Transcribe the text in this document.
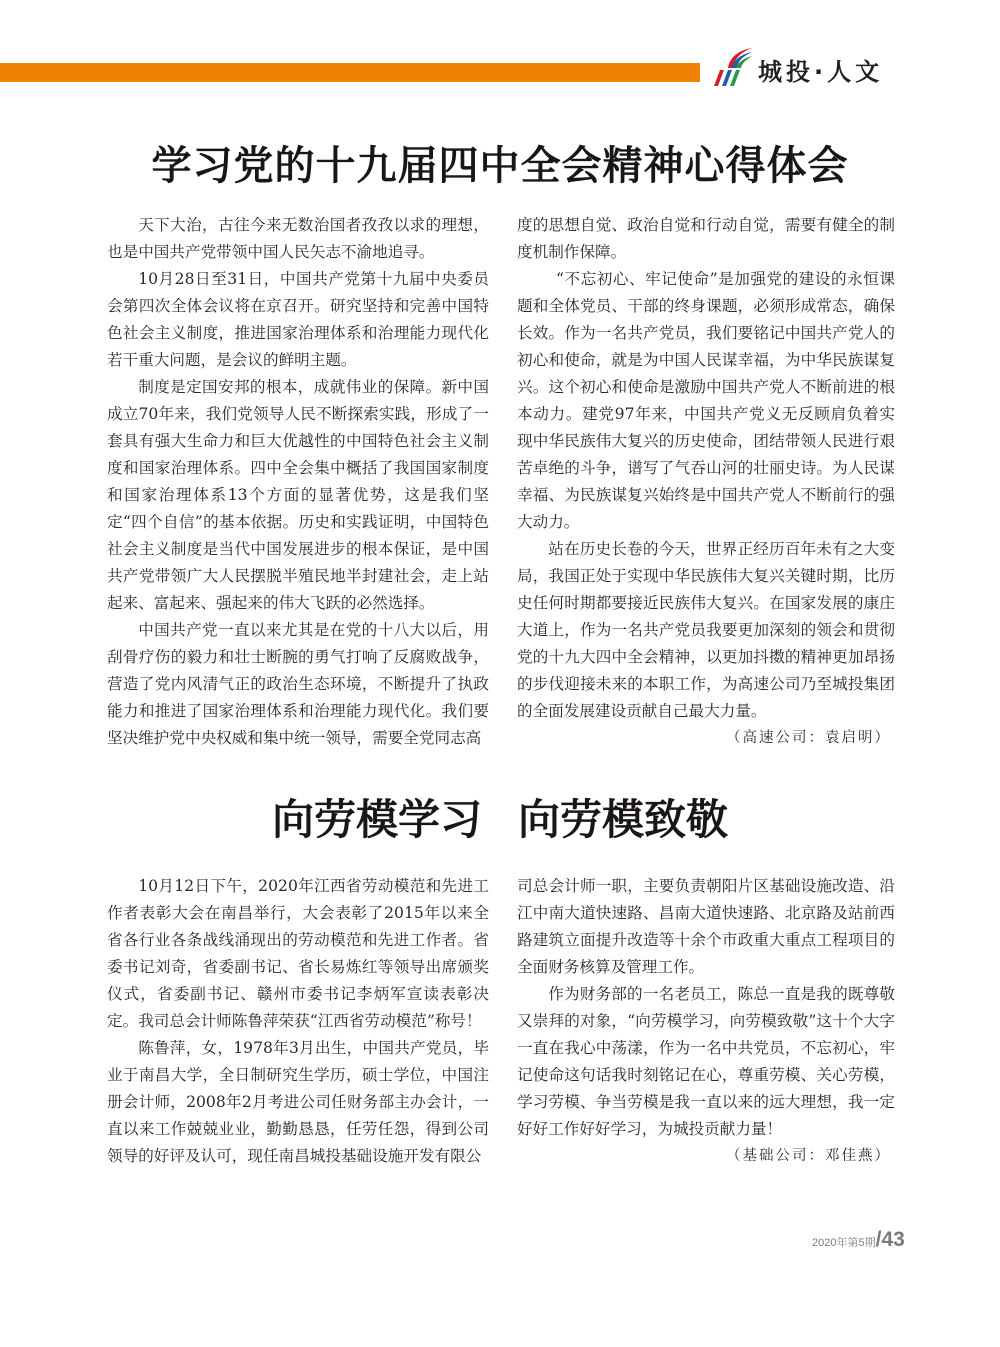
城投·人文
学习党的十九届四中全会精神心得体会

天下大治，古往今来无数治国者孜孜以求的理想，也是中国共产党带领中国人民矢志不渝地追寻。

10月28日至31日，中国共产党第十九届中央委员会第四次全体会议将在京召开。研究坚持和完善中国特色社会主义制度，推进国家治理体系和治理能力现代化若干重大问题，是会议的鲜明主题。

制度是定国安邦的根本，成就伟业的保障。新中国成立70年来，我们党领导人民不断探索实践，形成了一套具有强大生命力和巨大优越性的中国特色社会主义制度和国家治理体系。四中全会集中概括了我国国家制度和国家治理体系13个方面的显著优势，这是我们坚定“四个自信”的基本依据。历史和实践证明，中国特色社会主义制度是当代中国发展进步的根本保证，是中国共产党带领广大人民摆脱半殖民地半封建社会，走上站起来、富起来、强起来的伟大飞跃的必然选择。

中国共产党一直以来尤其是在党的十八大以后，用刮骨疗伤的毅力和壮士断腕的勇气打响了反腐败战争，营造了党内风清气正的政治生态环境，不断提升了执政能力和推进了国家治理体系和治理能力现代化。我们要坚决维护党中央权威和集中统一领导，需要全党同志高

度的思想自觉、政治自觉和行动自觉，需要有健全的制度机制作保障。

“不忘初心、牢记使命”是加强党的建设的永恒课题和全体党员、干部的终身课题，必须形成常态，确保长效。作为一名共产党员，我们要铭记中国共产党人的初心和使命，就是为中国人民谋幸福，为中华民族谋复兴。这个初心和使命是激励中国共产党人不断前进的根本动力。建党97年来，中国共产党义无反顾肩负着实现中华民族伟大复兴的历史使命，团结带领人民进行艰苦卓绝的斗争，谱写了气吞山河的壮丽史诗。为人民谋幸福、为民族谋复兴始终是中国共产党人不断前行的强大动力。

站在历史长卷的今天，世界正经历百年未有之大变局，我国正处于实现中华民族伟大复兴关键时期，比历史任何时期都要接近民族伟大复兴。在国家发展的康庄大道上，作为一名共产党员我要更加深刻的领会和贯彻党的十九大四中全会精神，以更加抖擞的精神更加昂扬的步伐迎接未来的本职工作，为高速公司乃至城投集团的全面发展建设贡献自己最大力量。

（高速公司：袁启明）

向劳模学习 向劳模致敬

10月12日下午，2020年江西省劳动模范和先进工作者表彰大会在南昌举行，大会表彰了2015年以来全省各行业各条战线涌现出的劳动模范和先进工作者。省委书记刘奇，省委副书记、省长易炼红等领导出席颁奖仪式，省委副书记、赣州市委书记李炳军宣读表彰决定。我司总会计师陈鲁萍荣获“江西省劳动模范”称号！

陈鲁萍，女，1978年3月出生，中国共产党员，毕业于南昌大学，全日制研究生学历，硕士学位，中国注册会计师，2008年2月考进公司任财务部主办会计，一直以来工作兢兢业业，勤勤恳恳，任劳任怨，得到公司领导的好评及认可，现任南昌城投基础设施开发有限公

司总会计师一职，主要负责朝阳片区基础设施改造、沿江中南大道快速路、昌南大道快速路、北京路及站前西路建筑立面提升改造等十余个市政重大重点工程项目的全面财务核算及管理工作。

作为财务部的一名老员工，陈总一直是我的既尊敬又崇拜的对象，“向劳模学习，向劳模致敬”这十个大字一直在我心中荡漾，作为一名中共党员，不忘初心，牢记使命这句话我时刻铭记在心，尊重劳模、关心劳模，学习劳模、争当劳模是我一直以来的远大理想，我一定好好工作好好学习，为城投贡献力量！

（基础公司：邓佳燕）

2020年第5期/43
